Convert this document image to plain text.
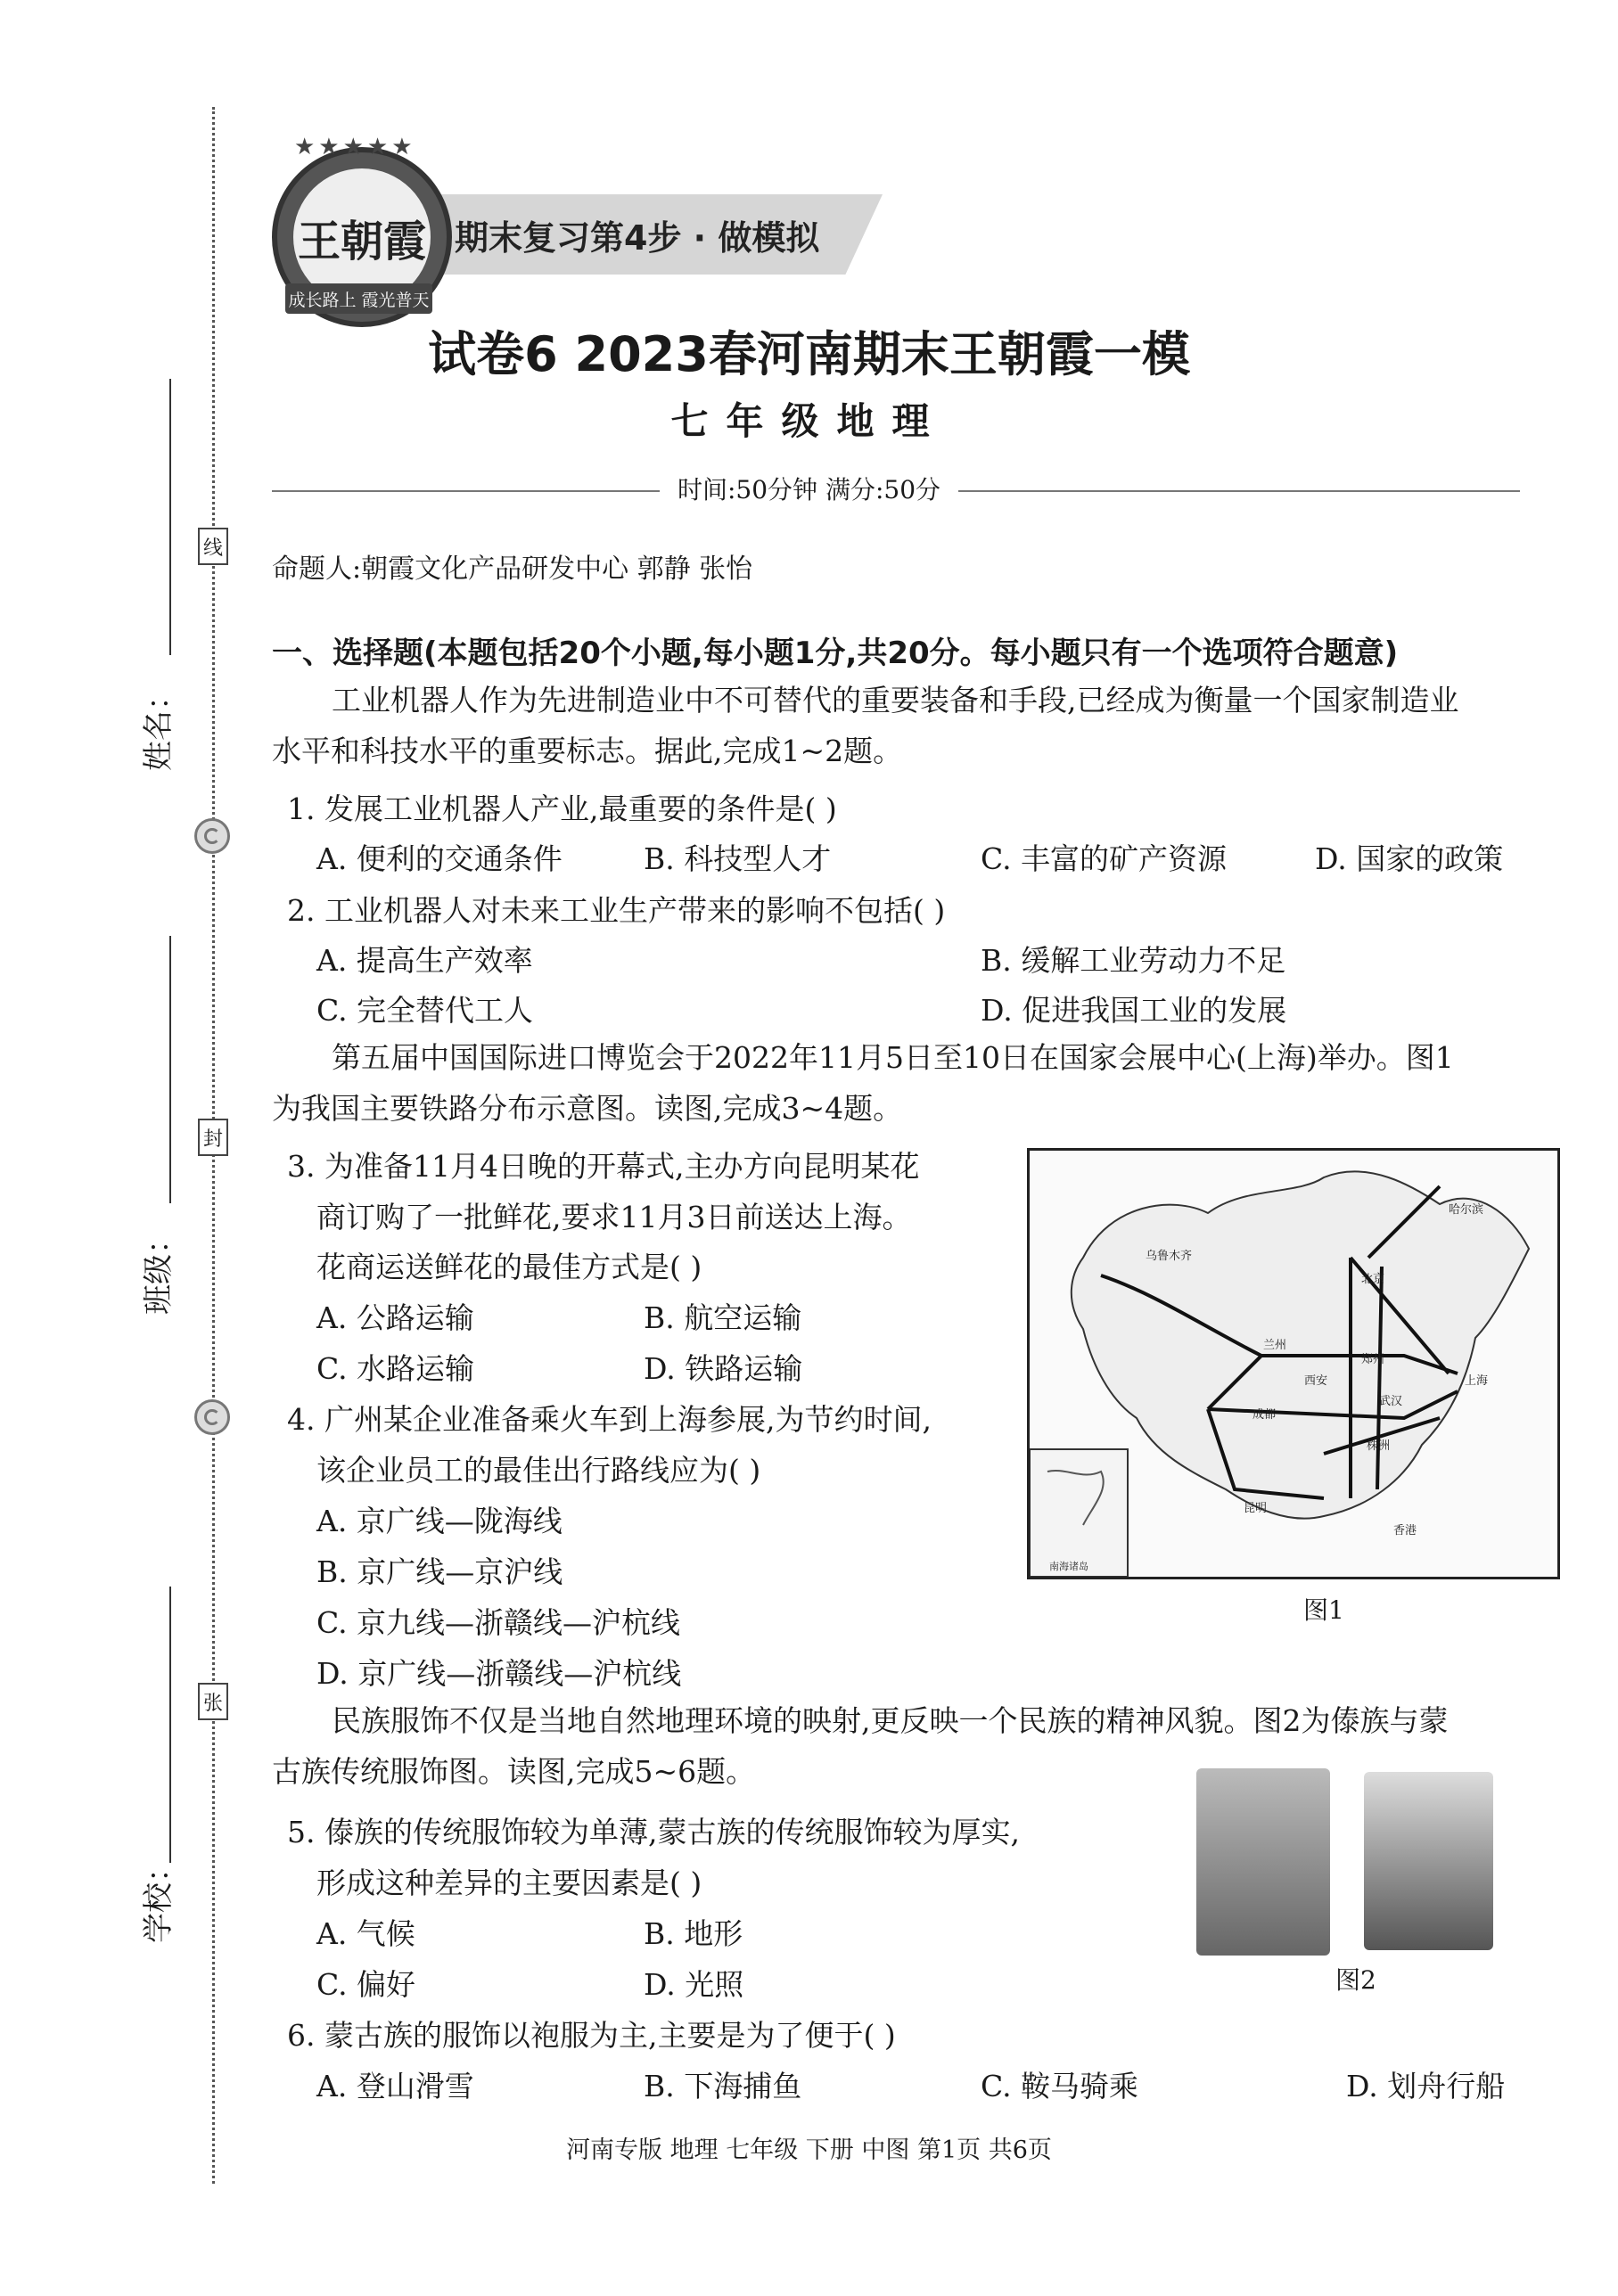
线
封
张
姓名：
班级：
学校：
期末复习第4步 · 做模拟
王朝霞
★★★★★
成长路上 霞光普天
试卷6 2023春河南期末王朝霞一模
七年级地理
时间:50分钟 满分:50分
命题人:朝霞文化产品研发中心 郭静 张怡
一、选择题(本题包括20个小题,每小题1分,共20分。每小题只有一个选项符合题意)
工业机器人作为先进制造业中不可替代的重要装备和手段,已经成为衡量一个国家制造业
水平和科技水平的重要标志。据此,完成1~2题。
1. 发展工业机器人产业,最重要的条件是( )
A. 便利的交通条件	B. 科技型人才	C. 丰富的矿产资源	D. 国家的政策
2. 工业机器人对未来工业生产带来的影响不包括( )
A. 提高生产效率	B. 缓解工业劳动力不足
C. 完全替代工人	D. 促进我国工业的发展
第五届中国国际进口博览会于2022年11月5日至10日在国家会展中心(上海)举办。图1
为我国主要铁路分布示意图。读图,完成3~4题。
3. 为准备11月4日晚的开幕式,主办方向昆明某花
商订购了一批鲜花,要求11月3日前送达上海。
花商运送鲜花的最佳方式是( )
A. 公路运输	B. 航空运输
C. 水路运输	D. 铁路运输
4. 广州某企业准备乘火车到上海参展,为节约时间,
该企业员工的最佳出行路线应为( )
A. 京广线—陇海线
B. 京广线—京沪线
C. 京九线—浙赣线—沪杭线
D. 京广线—浙赣线—沪杭线
乌鲁木齐
兰州
北京
西安
成都
昆明
上海
株洲
香港
哈尔滨
郑州
武汉
南海诸岛
图1
民族服饰不仅是当地自然地理环境的映射,更反映一个民族的精神风貌。图2为傣族与蒙
古族传统服饰图。读图,完成5~6题。
5. 傣族的传统服饰较为单薄,蒙古族的传统服饰较为厚实,
形成这种差异的主要因素是( )
A. 气候	B. 地形
C. 偏好	D. 光照	图2
6. 蒙古族的服饰以袍服为主,主要是为了便于( )
A. 登山滑雪	B. 下海捕鱼	C. 鞍马骑乘	D. 划舟行船
河南专版 地理 七年级 下册 中图 第1页 共6页
